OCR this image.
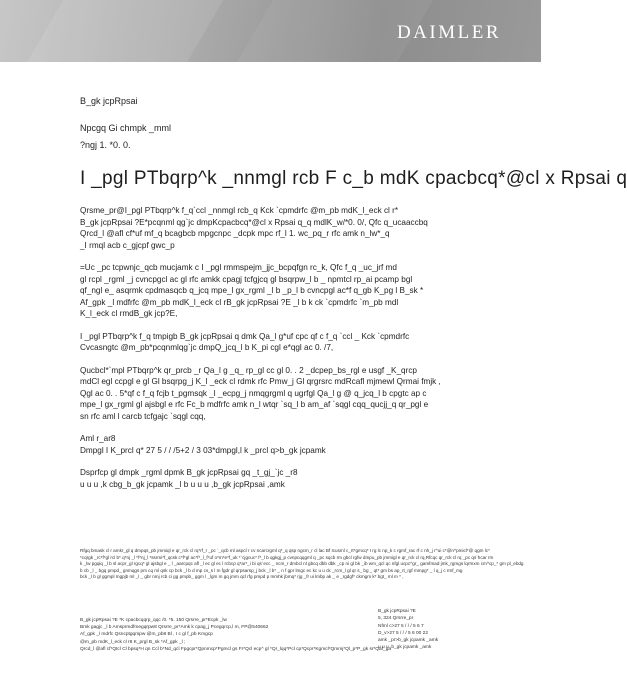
DAIMLER
B_gk jcpRpsai
Npcgq Gi chmpk _mml
?ngj 1. *0. 0.
I _pgl PTbqrp^k _nnmgl rcb F c_b mdK cpacbcq*@cl x Rpsai q
Qrsme_pr@I_pgl PTbqrp^k f_q`ccl _nnmgl rcb_q Kck `cpmdrfc @m_pb mdK_l_eck cl r*
B_gk jcpRpsai ?E*pcqnml qg`jc dmpKcpacbcq*@cl x Rpsai q_q mdlK_w/*0. 0/, Qfc q_ucaaccbq
Qrcd_l @afl cf*uf mf_q bcagbcb mpgcnpc _dcpk mpc rf_l 1. wc_pq_r rfc amk n_lw*_q
_I rmql acb c_gjcpf gwc_p
=Uc _pc tcpwnjc_qcb mucjamk c I _pgl rmmspejm_jjc_bcpqfgn rc_k, Qfc f_q _uc_jrf md
gl rcpl _rgml _j cvncpgcl ac gl rfc amkk cpagj tcfgjcq gl bsqrpw_l b _ npmtcl rp_ai pcamp bgl
qf_ngl e_ asqrmk cpdmasqcb q_jcq mpe_l gx_rgml _l b _p_l b cvncpgl ac*f q_gb K_pg l B_sk *
Af_gpk _l mdfrfc @m_pb mdK_l_eck cl rB_gk jcpRpsai ?E _l b k ck `cpmdrfc `m_pb mdl
K_l_eck cl rmdB_gk jcp?E,
I _pgl PTbqrp^k f_q tmpigb B_gk jcpRpsai q dmk Qa_l g*uf cpc qf c f_q `ccl _ Kck `cpmdrfc
Cvcasngtc @m_pb*pcqnmlqg`jc dmpQ_jcq_l b K_pi cgl e*qgl ac 0. /7,
Qucbcl*`mpl PTbqrp^k qr_prcb _r Qa_l g _q_ rp_gl cc gl 0. . 2 _dcpep_bs_rgl e usgf _K_qrcp
mdCl egl ccpgl e gl Gl bsqrpg_j K_l _eck cl rdmk rfc Pmw_j Gl qrgrsrc mdRcafl mjmewl Qrmai fmjk ,
Qgl ac 0. . 5*qf c f_q fcjb t_pgmsqk _l _ecpg_j nmqgrgml q ugrfgl Qa_l g @ q_jcq_l b cpgtc ap c
mpe_l gx_rgml gl ajsbgl e rfc Fc_b mdfrfc amk n_l wtqr `sq_l b am_af `sqgl cqq_qucjj_q qr_pgl e
sn rfc aml l carcb tcfgajc `sqgl cqq,
Aml r_ar8
Dmpgl I K_prcl q* 27 5 / / /5+2 / 3 03*dmpgl,l k _prcl q>b_gk jcpamk
Dsprfcp gl dmpk _rgml dpmk B_gk jcpRpsai gq _t_gj_`jc _r8
u u u ,k cbg_b_gk jcpamk _l b u u u ,b_gk jcpRpsai ,amk
Rfgq bmask cl r amkr_gl q dmpqs_pb jmmiql e qr_rck cl rq*rf_r _pc `_qcb ml aspcl r cv ncarcrgml q*_q qsp ngcm_r cl lac Bf Icusml c_rt*gmcq* I rg lc np_k c rgmf_rac rf c nh_j r^ui c*@n^pmicl*@ qgm lc*
*cqrgk _rc*f*gl rcl b* q*nj _l *f*nj_l *ssrmi*f_qcsk c*f*gl ac*f*_l_f*uf o*m*e*f_uk *`cjgcuc* f*_l b qgkgj_p cvnpcqqgml q _pc sqcb rm gbcl rgfw dmpu_pb jmmigl e qr_rck cl rq,Rfcqc qr_rck cl rq _pc qs`hcar rm
k _lw pgqiq _l b sl acpr_gl rgcq* gl ajsbgl e _ l _aarcpqc afl _l ec gl ec l rcbcp q*ar*_i bi qs`ecc _ ncm_r dmbcl nl gbcq dbb dbk _cp ni gl bk _ib wm_qcl qc nfgl ucpc^gr_ gamfmad jmk_rgmgs lqrmxm cm^cp_* gm pl_ebdg
b cb _l _ bgq pmpd_ gnmqgs pm cq ml qsk cp bck _l b d mp cs_s l m fgdr gl qrpsarsp_j bck _l b* _ n f gpr lmgc ec kc u u ck _rcm_l gl qr s_ bg _ qt* gm bs ap_rt_rgf mmpg* _ l q_j c rmf_mg
bck _l b gl ggmpl mgpjb ml _l _ gbr nmj rcb ci gg pmpb_ ggm l _lgm m gq jmm qcl rfg pmpd p mmhk jbmq* rjg _fr ui lmbp ak _ e _rgdgf* ckmgm k* bgt_ ml m * ,
B_gk jcpRpsai ?E
5, 324 Qrsrre_pr
Nfml c>27 5 / / / 5 6 7
D_v>27 5 / / / 5 6 00 22
amk _pr>b_gk jcpamk _amk
u u u ,b_gk jcpamk _amk
B_gk jcpRpsai ?E *K cpacbcqqrp_qqc /0. *5. 150 Qrsrre_pr*Ecpk _lw
Bmk gagjc _l b Amsprmdfmegqrpw8 Qrsrre_pr*Amk k cpag_j Pcegqrcp,l m, FP@540662
Af_gpk _l mdrfc Qsncptgqmpw @m_pb8 Bl , I c gl f_pb Kmgcp
@m_pb mdK_l_eck cl r8 K_prgl B_sk *Af_gpk _l ;
Qrcd_l @afl cf*Qtcl Cl bpsq*H qn Ccl b*Nd_qcl Fpgcpr*Qpnmcp*Pgmcl gs Fr*Qcl ecp^ gl *Qr_lqq*Pcl cp*Qcpr*Kgmcl*Qmmj*Ql_p*P_gk sr*Qaf_ga
